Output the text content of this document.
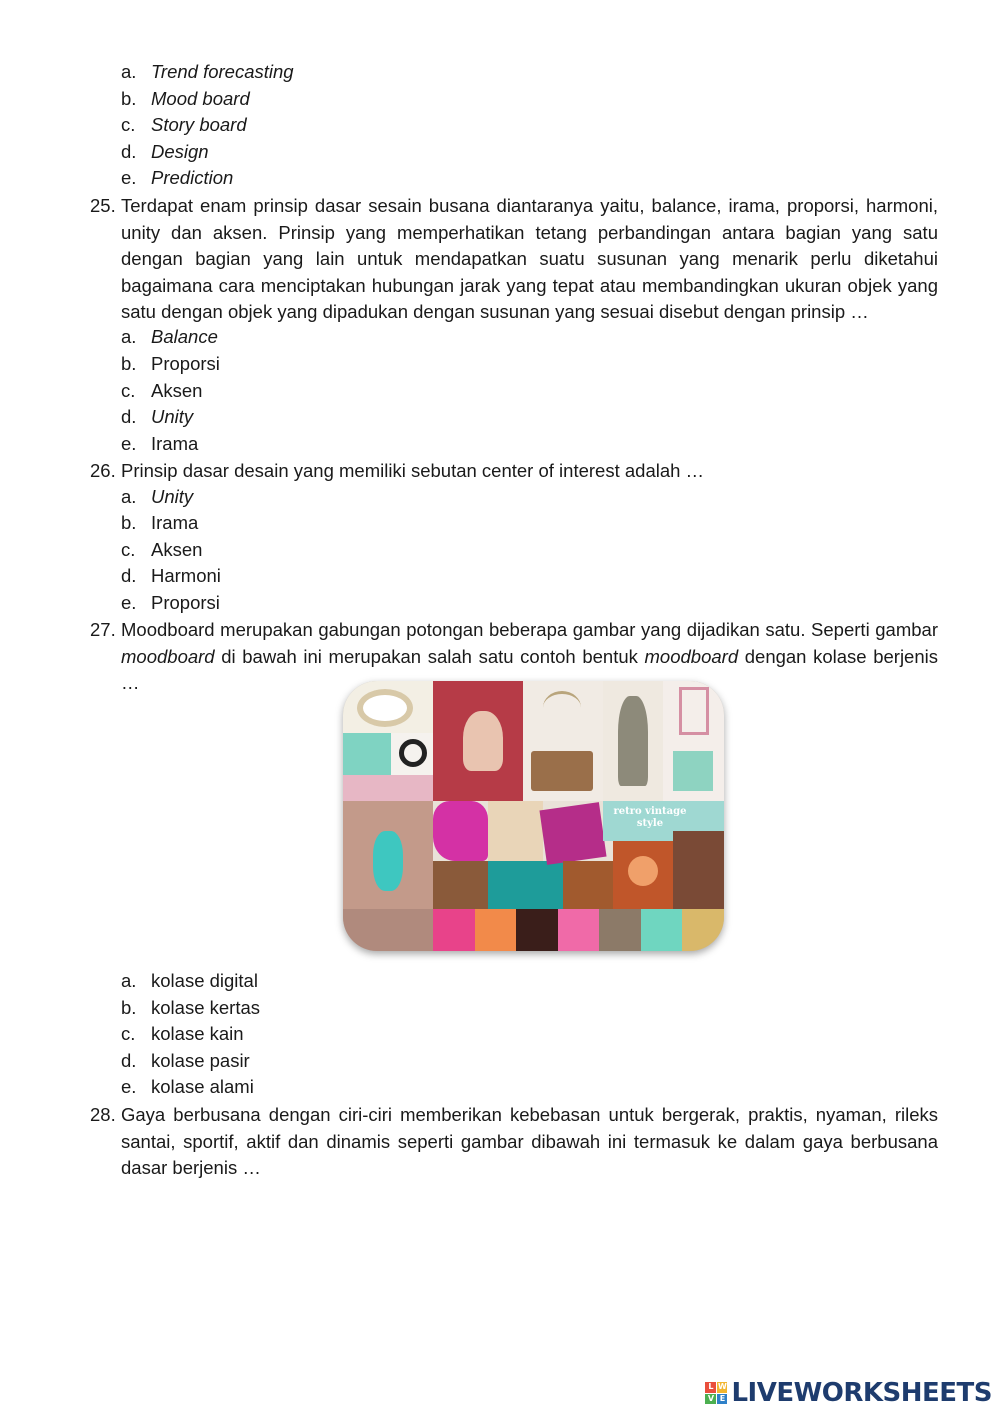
a. Trend forecasting
b. Mood board
c. Story board
d. Design
e. Prediction
25. Terdapat enam prinsip dasar sesain busana diantaranya yaitu, balance, irama, proporsi, harmoni, unity dan aksen. Prinsip yang memperhatikan tetang perbandingan antara bagian yang satu dengan bagian yang lain untuk mendapatkan suatu susunan yang menarik perlu diketahui bagaimana cara menciptakan hubungan jarak yang tepat atau membandingkan ukuran objek yang satu dengan objek yang dipadukan dengan susunan yang sesuai disebut dengan prinsip …
a. Balance
b. Proporsi
c. Aksen
d. Unity
e. Irama
26. Prinsip dasar desain yang memiliki sebutan center of interest adalah …
a. Unity
b. Irama
c. Aksen
d. Harmoni
e. Proporsi
27. Moodboard merupakan gabungan potongan beberapa gambar yang dijadikan satu. Seperti gambar moodboard di bawah ini merupakan salah satu contoh bentuk moodboard dengan kolase berjenis …
retro vintage style
a. kolase digital
b. kolase kertas
c. kolase kain
d. kolase pasir
e. kolase alami
28. Gaya berbusana dengan ciri-ciri memberikan kebebasan untuk bergerak, praktis, nyaman, rileks santai, sportif, aktif dan dinamis seperti gambar dibawah ini termasuk ke dalam gaya berbusana dasar berjenis …
L W
V E LIVEWORKSHEETS
